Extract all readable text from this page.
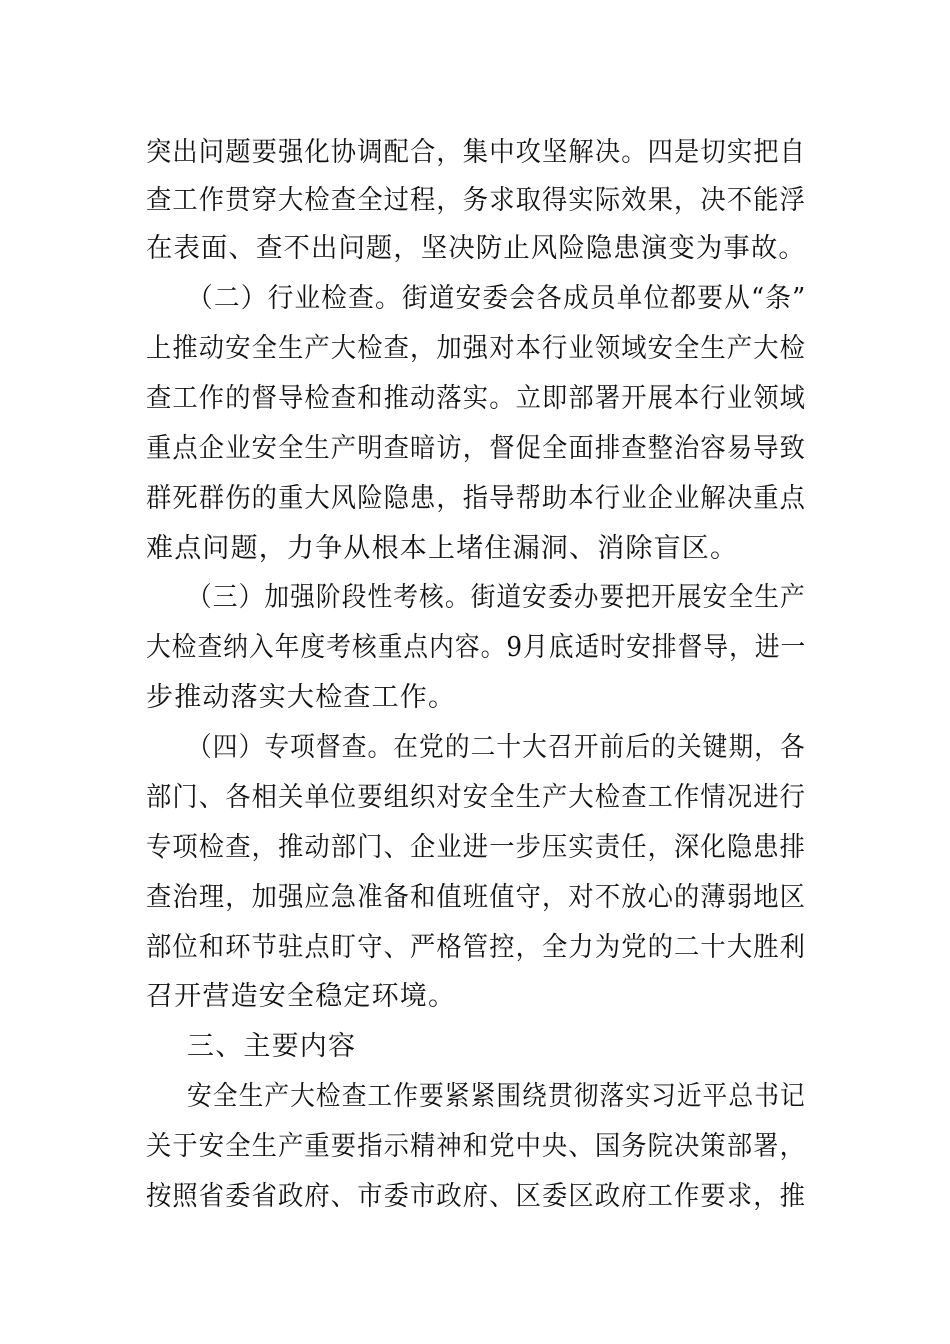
突出问题要强化协调配合，集中攻坚解决。四是切实把自
查工作贯穿大检查全过程，务求取得实际效果，决不能浮
在表面、查不出问题，坚决防止风险隐患演变为事故。
（二）行业检查。街道安委会各成员单位都要从“条”
上推动安全生产大检查，加强对本行业领域安全生产大检
查工作的督导检查和推动落实。立即部署开展本行业领域
重点企业安全生产明查暗访，督促全面排查整治容易导致
群死群伤的重大风险隐患，指导帮助本行业企业解决重点
难点问题，力争从根本上堵住漏洞、消除盲区。
（三）加强阶段性考核。街道安委办要把开展安全生产
大检查纳入年度考核重点内容。9月底适时安排督导，进一
步推动落实大检查工作。
（四）专项督查。在党的二十大召开前后的关键期，各
部门、各相关单位要组织对安全生产大检查工作情况进行
专项检查，推动部门、企业进一步压实责任，深化隐患排
查治理，加强应急准备和值班值守，对不放心的薄弱地区
部位和环节驻点盯守、严格管控，全力为党的二十大胜利
召开营造安全稳定环境。
三、主要内容
安全生产大检查工作要紧紧围绕贯彻落实习近平总书记
关于安全生产重要指示精神和党中央、国务院决策部署，
按照省委省政府、市委市政府、区委区政府工作要求，推
